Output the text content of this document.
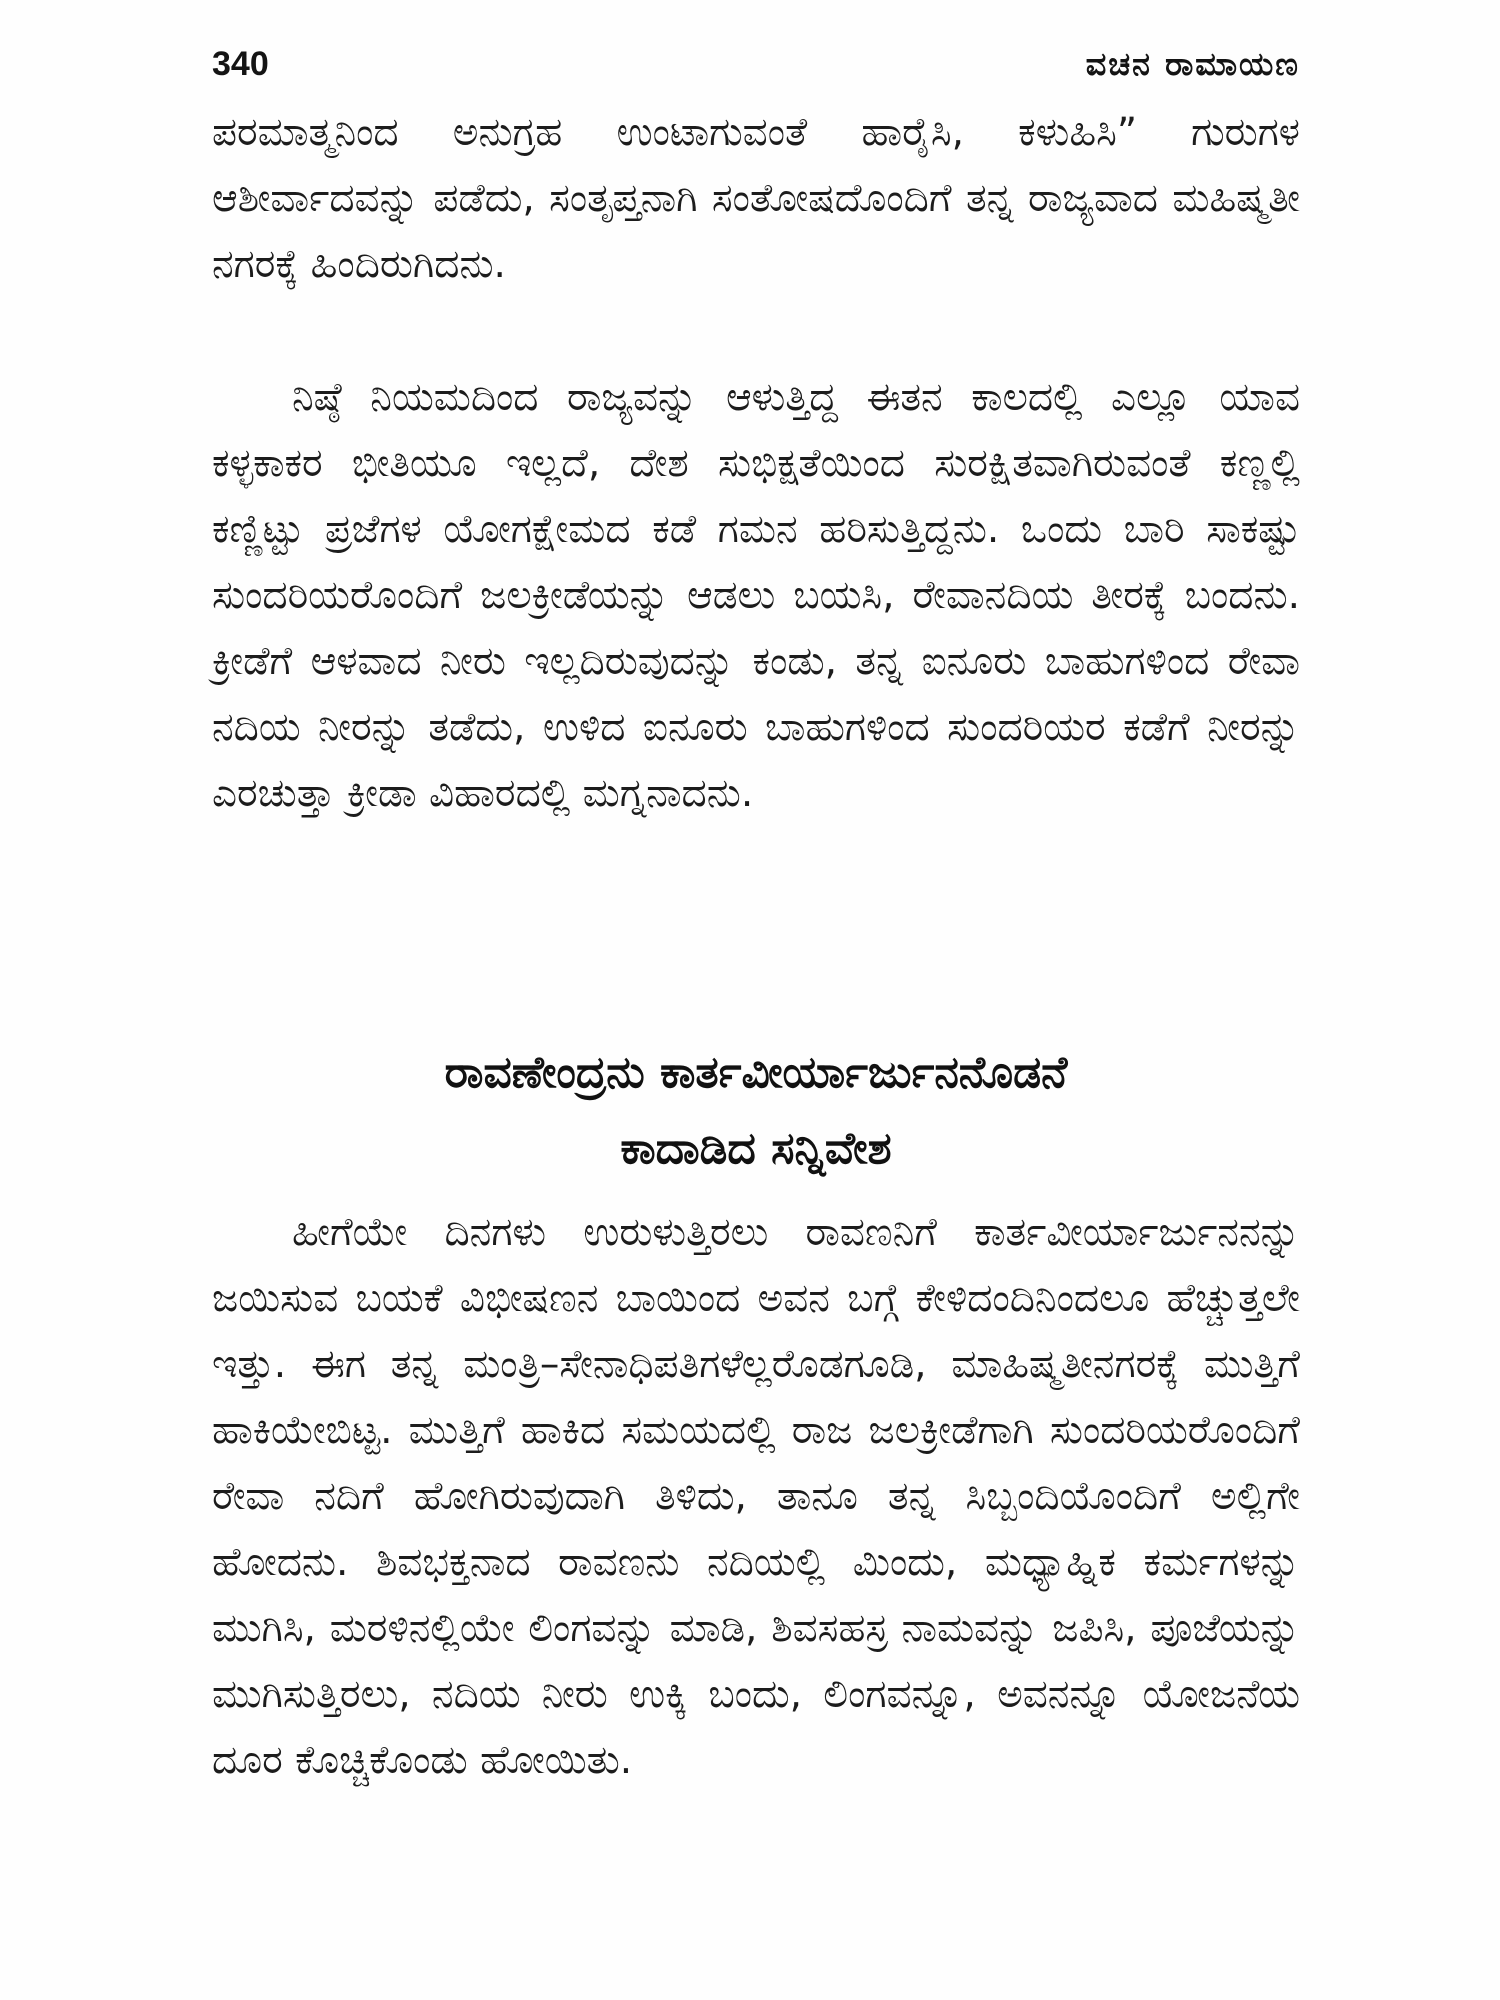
340	ವಚನ ರಾಮಾಯಣ

ಪರಮಾತ್ಮನಿಂದ ಅನುಗ್ರಹ ಉಂಟಾಗುವಂತೆ ಹಾರೈಸಿ, ಕಳುಹಿಸಿ” ಗುರುಗಳ ಆಶೀರ್ವಾದವನ್ನು ಪಡೆದು, ಸಂತೃಪ್ತನಾಗಿ ಸಂತೋಷದೊಂದಿಗೆ ತನ್ನ ರಾಜ್ಯವಾದ ಮಹಿಷ್ಮತೀ ನಗರಕ್ಕೆ ಹಿಂದಿರುಗಿದನು.

ನಿಷ್ಠೆ ನಿಯಮದಿಂದ ರಾಜ್ಯವನ್ನು ಆಳುತ್ತಿದ್ದ ಈತನ ಕಾಲದಲ್ಲಿ ಎಲ್ಲೂ ಯಾವ ಕಳ್ಳಕಾಕರ ಭೀತಿಯೂ ಇಲ್ಲದೆ, ದೇಶ ಸುಭಿಕ್ಷತೆಯಿಂದ ಸುರಕ್ಷಿತವಾಗಿರುವಂತೆ ಕಣ್ಣಲ್ಲಿ ಕಣ್ಣಿಟ್ಟು ಪ್ರಜೆಗಳ ಯೋಗಕ್ಷೇಮದ ಕಡೆ ಗಮನ ಹರಿಸುತ್ತಿದ್ದನು. ಒಂದು ಬಾರಿ ಸಾಕಷ್ಟು ಸುಂದರಿಯರೊಂದಿಗೆ ಜಲಕ್ರೀಡೆಯನ್ನು ಆಡಲು ಬಯಸಿ, ರೇವಾನದಿಯ ತೀರಕ್ಕೆ ಬಂದನು. ಕ್ರೀಡೆಗೆ ಆಳವಾದ ನೀರು ಇಲ್ಲದಿರುವುದನ್ನು ಕಂಡು, ತನ್ನ ಐನೂರು ಬಾಹುಗಳಿಂದ ರೇವಾ ನದಿಯ ನೀರನ್ನು ತಡೆದು, ಉಳಿದ ಐನೂರು ಬಾಹುಗಳಿಂದ ಸುಂದರಿಯರ ಕಡೆಗೆ ನೀರನ್ನು ಎರಚುತ್ತಾ ಕ್ರೀಡಾ ವಿಹಾರದಲ್ಲಿ ಮಗ್ನನಾದನು.

ರಾವಣೇಂದ್ರನು ಕಾರ್ತವೀರ್ಯಾರ್ಜುನನೊಡನೆ
ಕಾದಾಡಿದ ಸನ್ನಿವೇಶ

ಹೀಗೆಯೇ ದಿನಗಳು ಉರುಳುತ್ತಿರಲು ರಾವಣನಿಗೆ ಕಾರ್ತವೀರ್ಯಾರ್ಜುನನನ್ನು ಜಯಿಸುವ ಬಯಕೆ ವಿಭೀಷಣನ ಬಾಯಿಂದ ಅವನ ಬಗ್ಗೆ ಕೇಳಿದಂದಿನಿಂದಲೂ ಹೆಚ್ಚುತ್ತಲೇ ಇತ್ತು. ಈಗ ತನ್ನ ಮಂತ್ರಿ–ಸೇನಾಧಿಪತಿಗಳೆಲ್ಲರೊಡಗೂಡಿ, ಮಾಹಿಷ್ಮತೀನಗರಕ್ಕೆ ಮುತ್ತಿಗೆ ಹಾಕಿಯೇಬಿಟ್ಟ. ಮುತ್ತಿಗೆ ಹಾಕಿದ ಸಮಯದಲ್ಲಿ ರಾಜ ಜಲಕ್ರೀಡೆಗಾಗಿ ಸುಂದರಿಯರೊಂದಿಗೆ ರೇವಾ ನದಿಗೆ ಹೋಗಿರುವುದಾಗಿ ತಿಳಿದು, ತಾನೂ ತನ್ನ ಸಿಬ್ಬಂದಿಯೊಂದಿಗೆ ಅಲ್ಲಿಗೇ ಹೋದನು. ಶಿವಭಕ್ತನಾದ ರಾವಣನು ನದಿಯಲ್ಲಿ ಮಿಂದು, ಮಧ್ಯಾಹ್ನಿಕ ಕರ್ಮಗಳನ್ನು ಮುಗಿಸಿ, ಮರಳಿನಲ್ಲಿಯೇ ಲಿಂಗವನ್ನು ಮಾಡಿ, ಶಿವಸಹಸ್ರ ನಾಮವನ್ನು ಜಪಿಸಿ, ಪೂಜೆಯನ್ನು ಮುಗಿಸುತ್ತಿರಲು, ನದಿಯ ನೀರು ಉಕ್ಕಿ ಬಂದು, ಲಿಂಗವನ್ನೂ, ಅವನನ್ನೂ ಯೋಜನೆಯ ದೂರ ಕೊಚ್ಚಿಕೊಂಡು ಹೋಯಿತು.
